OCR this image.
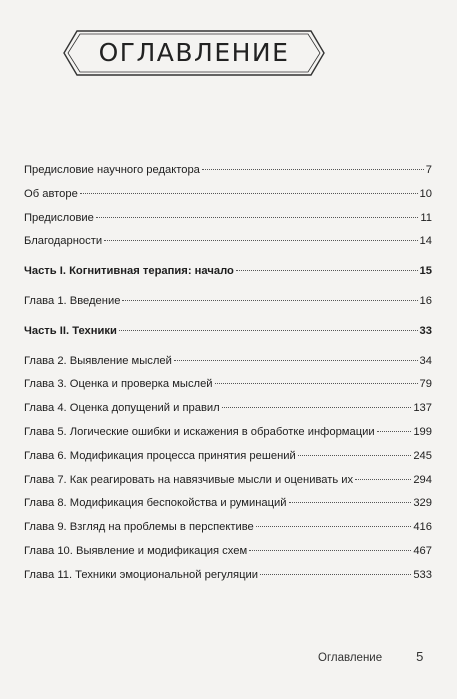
ОГЛАВЛЕНИЕ
Предисловие научного редактора	7
Об авторе	10
Предисловие	11
Благодарности	14
Часть I. Когнитивная терапия: начало	15
Глава 1. Введение	16
Часть II. Техники	33
Глава 2. Выявление мыслей	34
Глава 3. Оценка и проверка мыслей	79
Глава 4. Оценка допущений и правил	137
Глава 5. Логические ошибки и искажения в обработке информации	199
Глава 6. Модификация процесса принятия решений	245
Глава 7. Как реагировать на навязчивые мысли и оценивать их	294
Глава 8. Модификация беспокойства и руминаций	329
Глава 9. Взгляд на проблемы в перспективе	416
Глава 10. Выявление и модификация схем	467
Глава 11. Техники эмоциональной регуляции	533
Оглавление	5
